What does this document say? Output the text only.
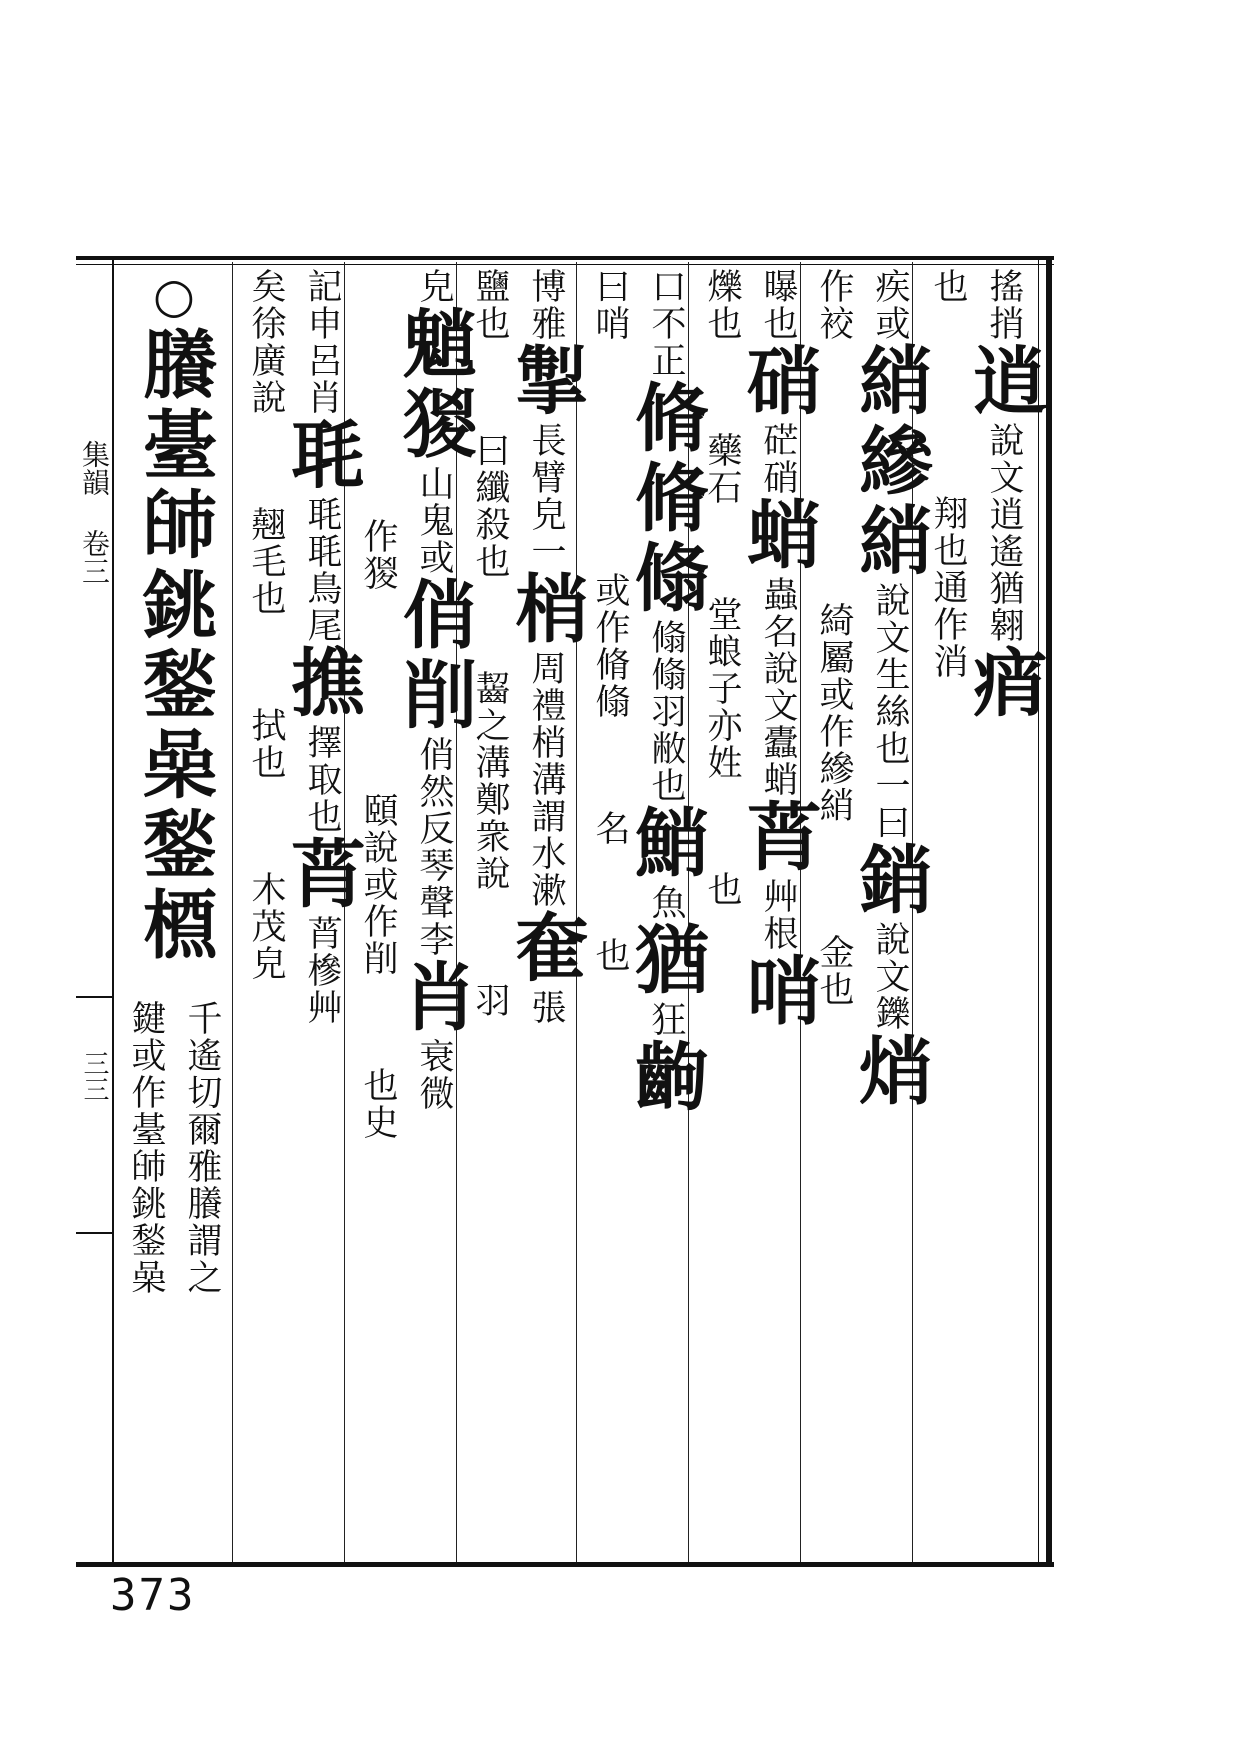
集韻 卷三
三三
搖捎逍說文逍遙猶翱痟
也翔也通作消
疾或綃縿綃說文生絲也一曰銷說文鑠焇
作䘨綺屬或作縿綃金也
曝也硝硭硝蛸蟲名說文蠹蛸莦艸根哨
爍也藥石堂蜋子亦姓也
口不正脩脩翛翛翛羽敝也鮹魚猶狂齣
曰哨或作脩翛名也
博雅掣長臂皃一梢周禮梢溝謂水漱奞張
鹽也曰纖殺也齧之溝鄭衆說羽
皃魈猣山鬼或俏削俏然反琴聲李肖衰微
作猣頤說或作削也史
記申呂肖毦毦毦鳥尾撨擇取也莦莦槮艸
矣徐廣說翹毛也拭也木茂皃
○䑆䑓䑔銚鍫喿鍫槱
千遙切爾雅䑆謂之
鍵或作䑓䑔銚鍫喿
373
